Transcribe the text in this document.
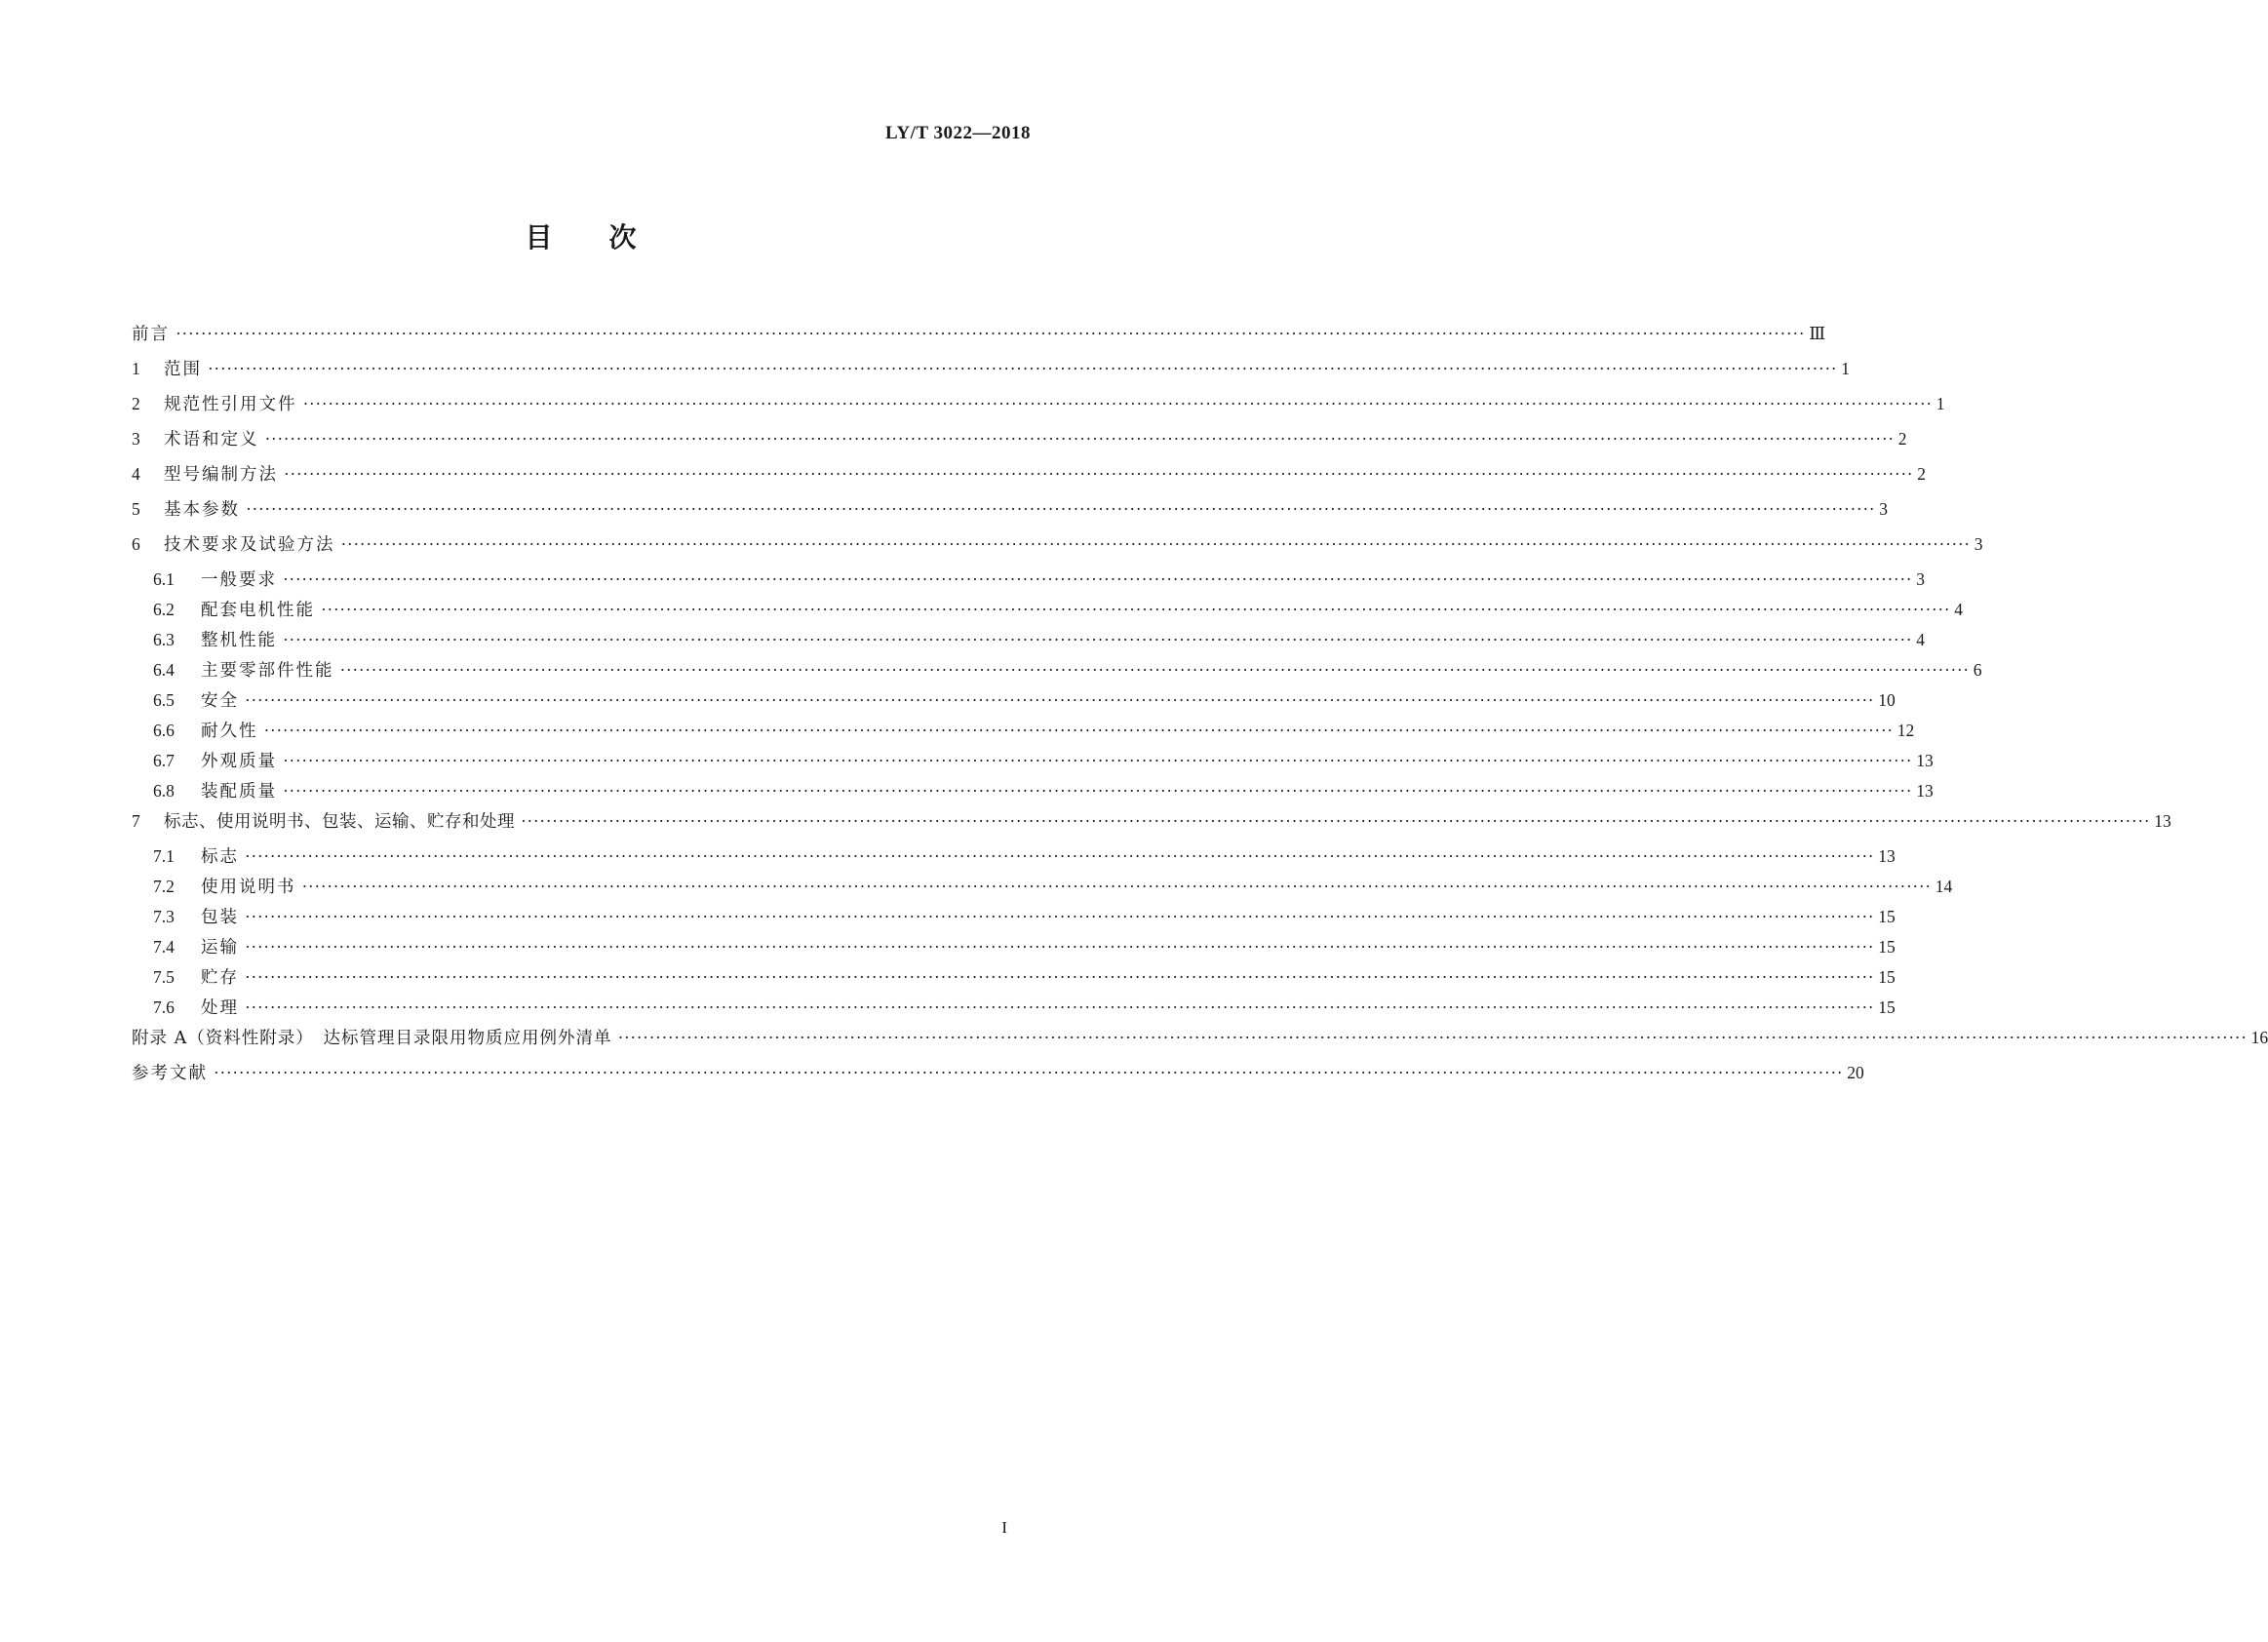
LY/T 3022—2018
目 次
前言 ···································································································································································································································································· Ⅲ
1	范围 ···································································································································································································································································· 1
2	规范性引用文件 ···································································································································································································································································· 1
3	术语和定义 ···································································································································································································································································· 2
4	型号编制方法 ···································································································································································································································································· 2
5	基本参数 ···································································································································································································································································· 3
6	技术要求及试验方法 ···································································································································································································································································· 3
6.1	一般要求 ···································································································································································································································································· 3
6.2	配套电机性能 ···································································································································································································································································· 4
6.3	整机性能 ···································································································································································································································································· 4
6.4	主要零部件性能 ···································································································································································································································································· 6
6.5	安全 ···································································································································································································································································· 10
6.6	耐久性 ···································································································································································································································································· 12
6.7	外观质量 ···································································································································································································································································· 13
6.8	装配质量 ···································································································································································································································································· 13
7	标志、使用说明书、包装、运输、贮存和处理 ···································································································································································································································································· 13
7.1	标志 ···································································································································································································································································· 13
7.2	使用说明书 ···································································································································································································································································· 14
7.3	包装 ···································································································································································································································································· 15
7.4	运输 ···································································································································································································································································· 15
7.5	贮存 ···································································································································································································································································· 15
7.6	处理 ···································································································································································································································································· 15
附录 A（资料性附录）　达标管理目录限用物质应用例外清单 ···································································································································································································································································· 16
参考文献 ···································································································································································································································································· 20
I
